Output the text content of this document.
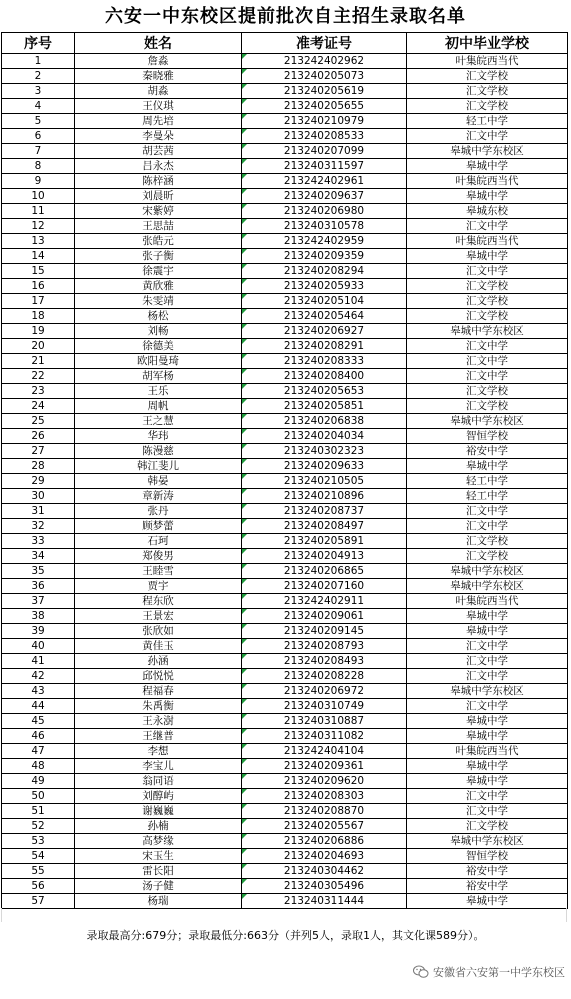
六安一中东校区提前批次自主招生录取名单
序号	姓名	准考证号	初中毕业学校
1	詹淼	213242402962	叶集皖西当代
2	秦晓雅	213240205073	汇文学校
3	胡淼	213240205619	汇文学校
4	王仪琪	213240205655	汇文学校
5	周先培	213240210979	轻工中学
6	李曼朵	213240208533	汇文中学
7	胡芸茜	213240207099	皋城中学东校区
8	吕永杰	213240311597	皋城中学
9	陈梓涵	213242402961	叶集皖西当代
10	刘晨昕	213240209637	皋城中学
11	宋紫婷	213240206980	皋城东校
12	王思喆	213240310578	汇文中学
13	张皓元	213242402959	叶集皖西当代
14	张子衡	213240209359	皋城中学
15	徐震宇	213240208294	汇文中学
16	黄欣雅	213240205933	汇文学校
17	朱雯靖	213240205104	汇文学校
18	杨松	213240205464	汇文学校
19	刘畅	213240206927	皋城中学东校区
20	徐德美	213240208291	汇文中学
21	欧阳曼琦	213240208333	汇文中学
22	胡军杨	213240208400	汇文中学
23	王乐	213240205653	汇文学校
24	周帆	213240205851	汇文学校
25	王之慧	213240206838	皋城中学东校区
26	华玮	213240204034	智恒学校
27	陈漫慈	213240302323	裕安中学
28	韩江斐儿	213240209633	皋城中学
29	韩晏	213240210505	轻工中学
30	章新涛	213240210896	轻工中学
31	张丹	213240208737	汇文中学
32	顾梦蕾	213240208497	汇文中学
33	石珂	213240205891	汇文学校
34	郑俊男	213240204913	汇文学校
35	王睦雪	213240206865	皋城中学东校区
36	贾宇	213240207160	皋城中学东校区
37	程东欣	213242402911	叶集皖西当代
38	王景宏	213240209061	皋城中学
39	张欣如	213240209145	皋城中学
40	黄佳玉	213240208793	汇文中学
41	孙涵	213240208493	汇文中学
42	邱悦悦	213240208228	汇文中学
43	程福春	213240206972	皋城中学东校区
44	朱禹衡	213240310749	汇文中学
45	王永澍	213240310887	皋城中学
46	王继普	213240311082	皋城中学
47	李想	213242404104	叶集皖西当代
48	李宝儿	213240209361	皋城中学
49	翁同语	213240209620	皋城中学
50	刘醇屿	213240208303	汇文中学
51	谢巍巍	213240208870	汇文中学
52	孙楠	213240205567	汇文学校
53	高梦缘	213240206886	皋城中学东校区
54	宋玉生	213240204693	智恒学校
55	雷长阳	213240304462	裕安中学
56	汤子健	213240305496	裕安中学
57	杨瑞	213240311444	皋城中学
录取最高分:679分；录取最低分:663分（并列5人，录取1人，其文化课589分）。
安徽省六安第一中学东校区
